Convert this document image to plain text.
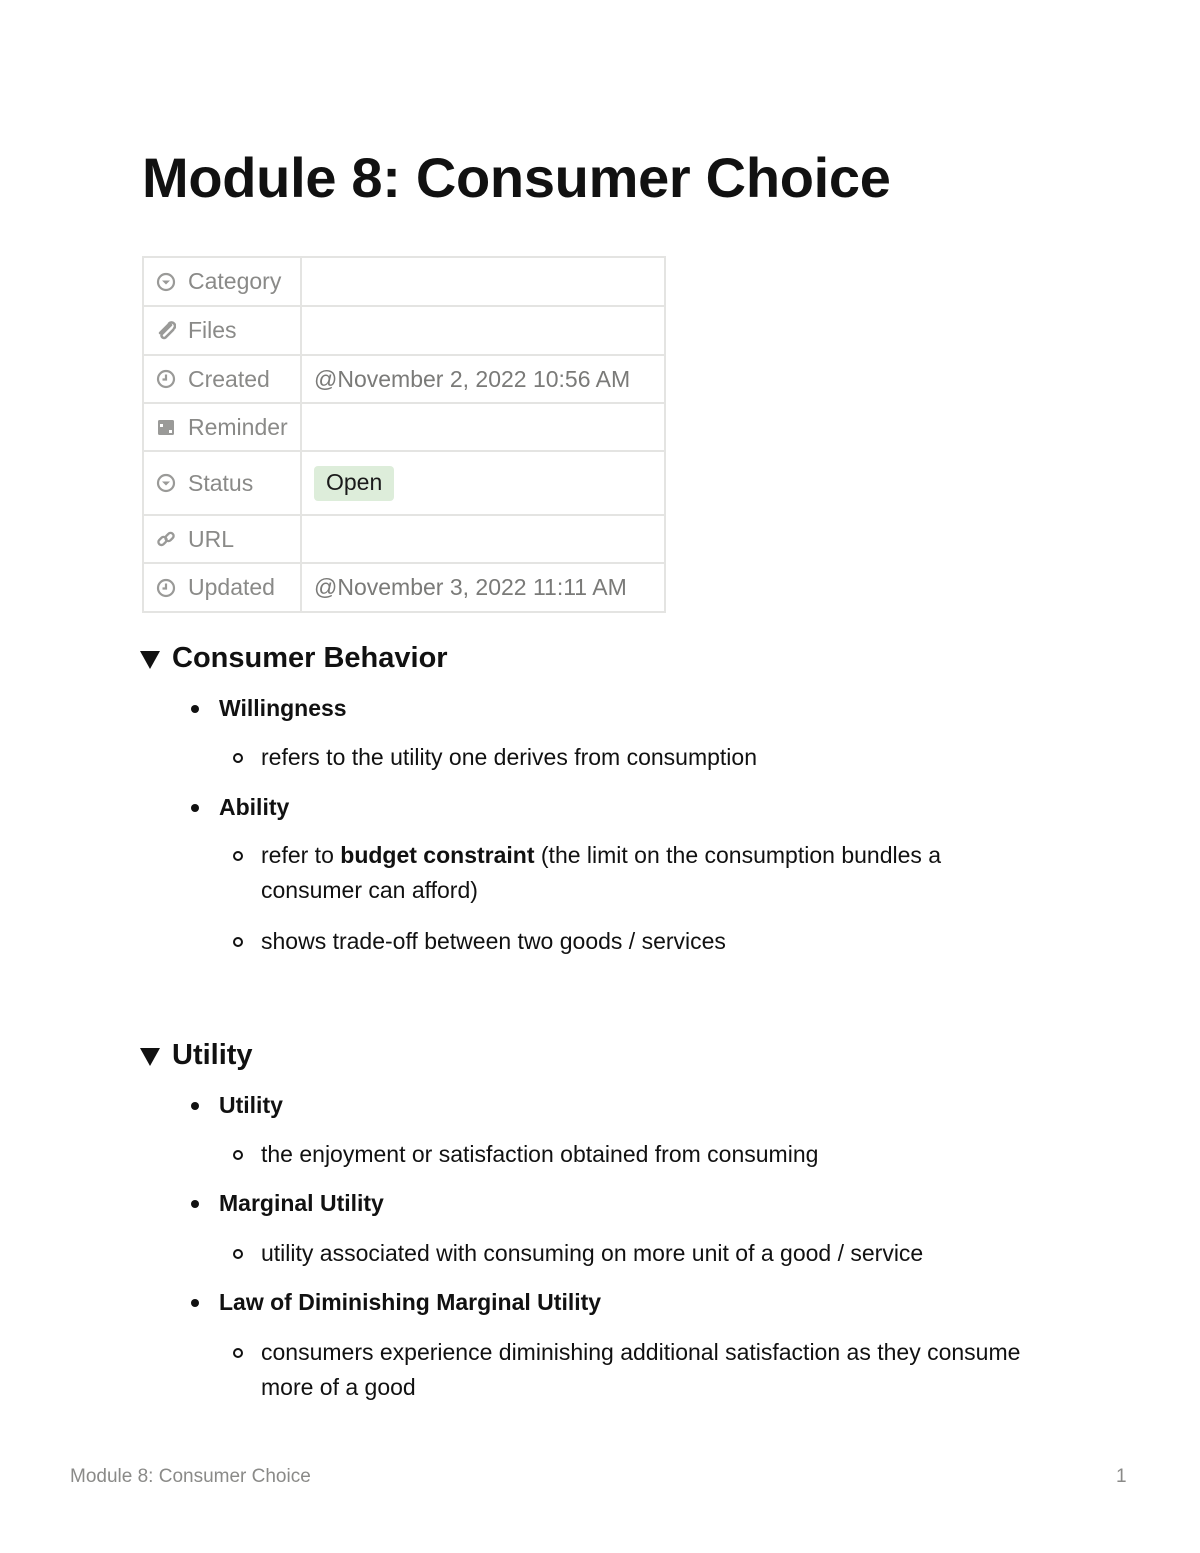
Module 8: Consumer Choice
Category	

Files	

Created	@November 2, 2022 10:56 AM

Reminder	

Status	Open

URL	

Updated	@November 3, 2022 11:11 AM
Consumer Behavior
Willingness
refers to the utility one derives from consumption
Ability
refer to budget constraint (the limit on the consumption bundles a consumer can afford)
shows trade-off between two goods / services
Utility
Utility
the enjoyment or satisfaction obtained from consuming
Marginal Utility
utility associated with consuming on more unit of a good / service
Law of Diminishing Marginal Utility
consumers experience diminishing additional satisfaction as they consume more of a good
Module 8: Consumer Choice	1
